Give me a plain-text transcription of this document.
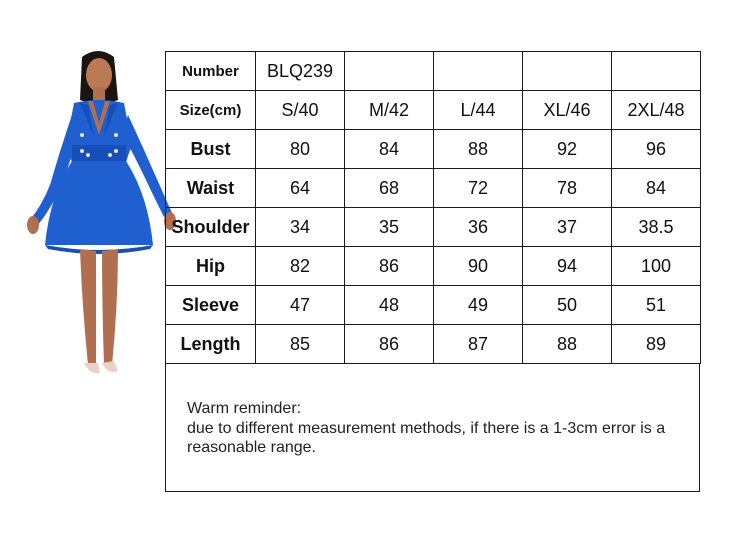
Number	BLQ239				
Size(cm)	S/40	M/42	L/44	XL/46	2XL/48
Bust	80	84	88	92	96
Waist	64	68	72	78	84
Shoulder	34	35	36	37	38.5
Hip	82	86	90	94	100
Sleeve	47	48	49	50	51
Length	85	86	87	88	89
Warm reminder:
due to different measurement methods, if there is a 1-3cm error is a
reasonable range.
